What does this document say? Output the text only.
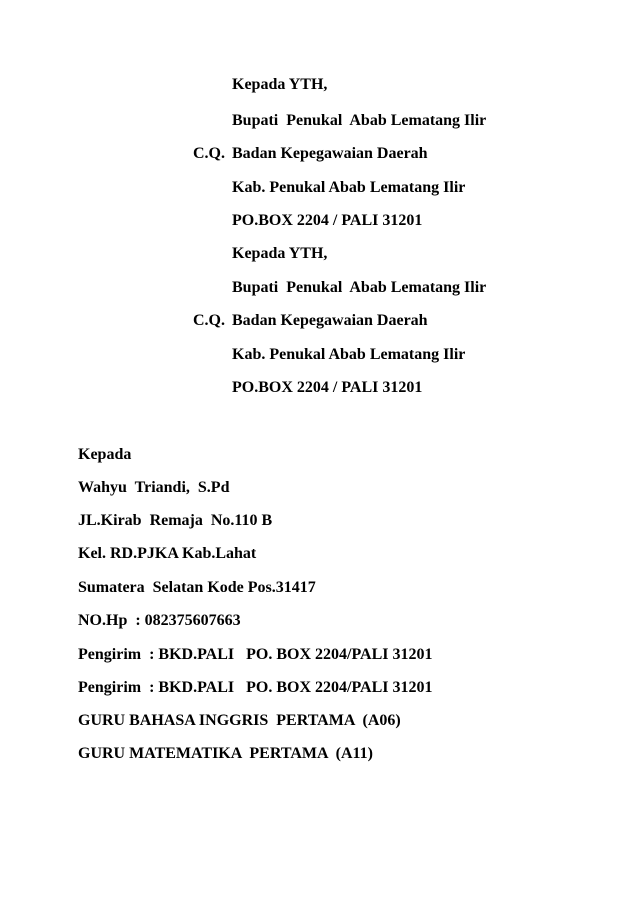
Kepada YTH,
Bupati  Penukal  Abab Lematang Ilir
C.Q. Badan Kepegawaian Daerah
Kab. Penukal Abab Lematang Ilir
PO.BOX 2204 / PALI 31201
Kepada YTH,
Bupati  Penukal  Abab Lematang Ilir
C.Q. Badan Kepegawaian Daerah
Kab. Penukal Abab Lematang Ilir
PO.BOX 2204 / PALI 31201
Kepada
Wahyu  Triandi,  S.Pd
JL.Kirab  Remaja  No.110 B
Kel. RD.PJKA Kab.Lahat
Sumatera  Selatan Kode Pos.31417
NO.Hp  : 082375607663
Pengirim  : BKD.PALI   PO. BOX 2204/PALI 31201
Pengirim  : BKD.PALI   PO. BOX 2204/PALI 31201
GURU BAHASA INGGRIS  PERTAMA  (A06)
GURU MATEMATIKA  PERTAMA  (A11)
